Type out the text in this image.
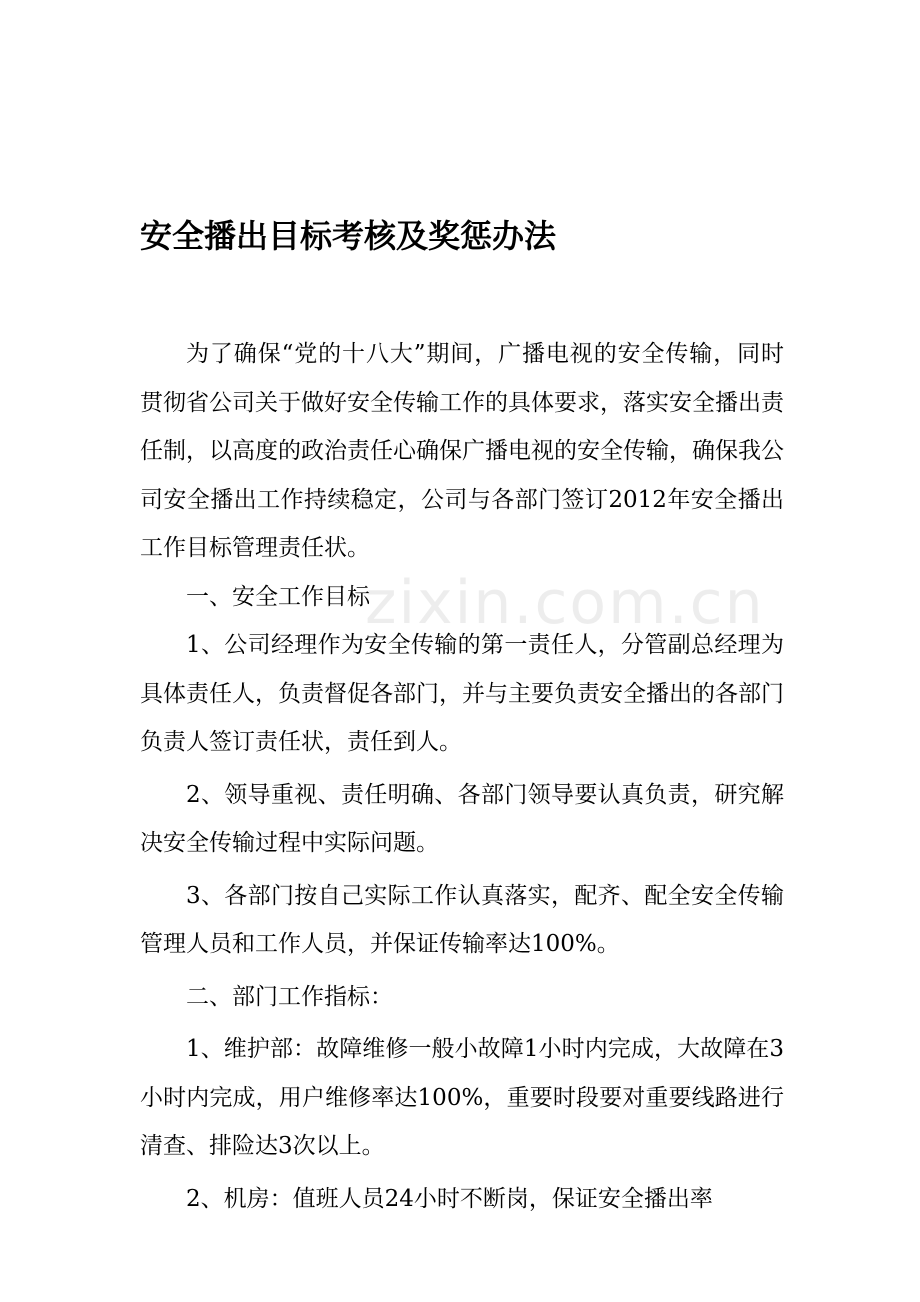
zixin.com.cn
安全播出目标考核及奖惩办法

为了确保“党的十八大”期间，广播电视的安全传输，同时贯彻省公司关于做好安全传输工作的具体要求，落实安全播出责任制，以高度的政治责任心确保广播电视的安全传输，确保我公司安全播出工作持续稳定，公司与各部门签订2012年安全播出工作目标管理责任状。

一、安全工作目标

1、公司经理作为安全传输的第一责任人，分管副总经理为具体责任人，负责督促各部门，并与主要负责安全播出的各部门负责人签订责任状，责任到人。

2、领导重视、责任明确、各部门领导要认真负责，研究解决安全传输过程中实际问题。

3、各部门按自己实际工作认真落实，配齐、配全安全传输管理人员和工作人员，并保证传输率达100%。

二、部门工作指标：

1、维护部：故障维修一般小故障1小时内完成，大故障在3小时内完成，用户维修率达100%，重要时段要对重要线路进行清查、排险达3次以上。

2、机房：值班人员24小时不断岗，保证安全播出率
